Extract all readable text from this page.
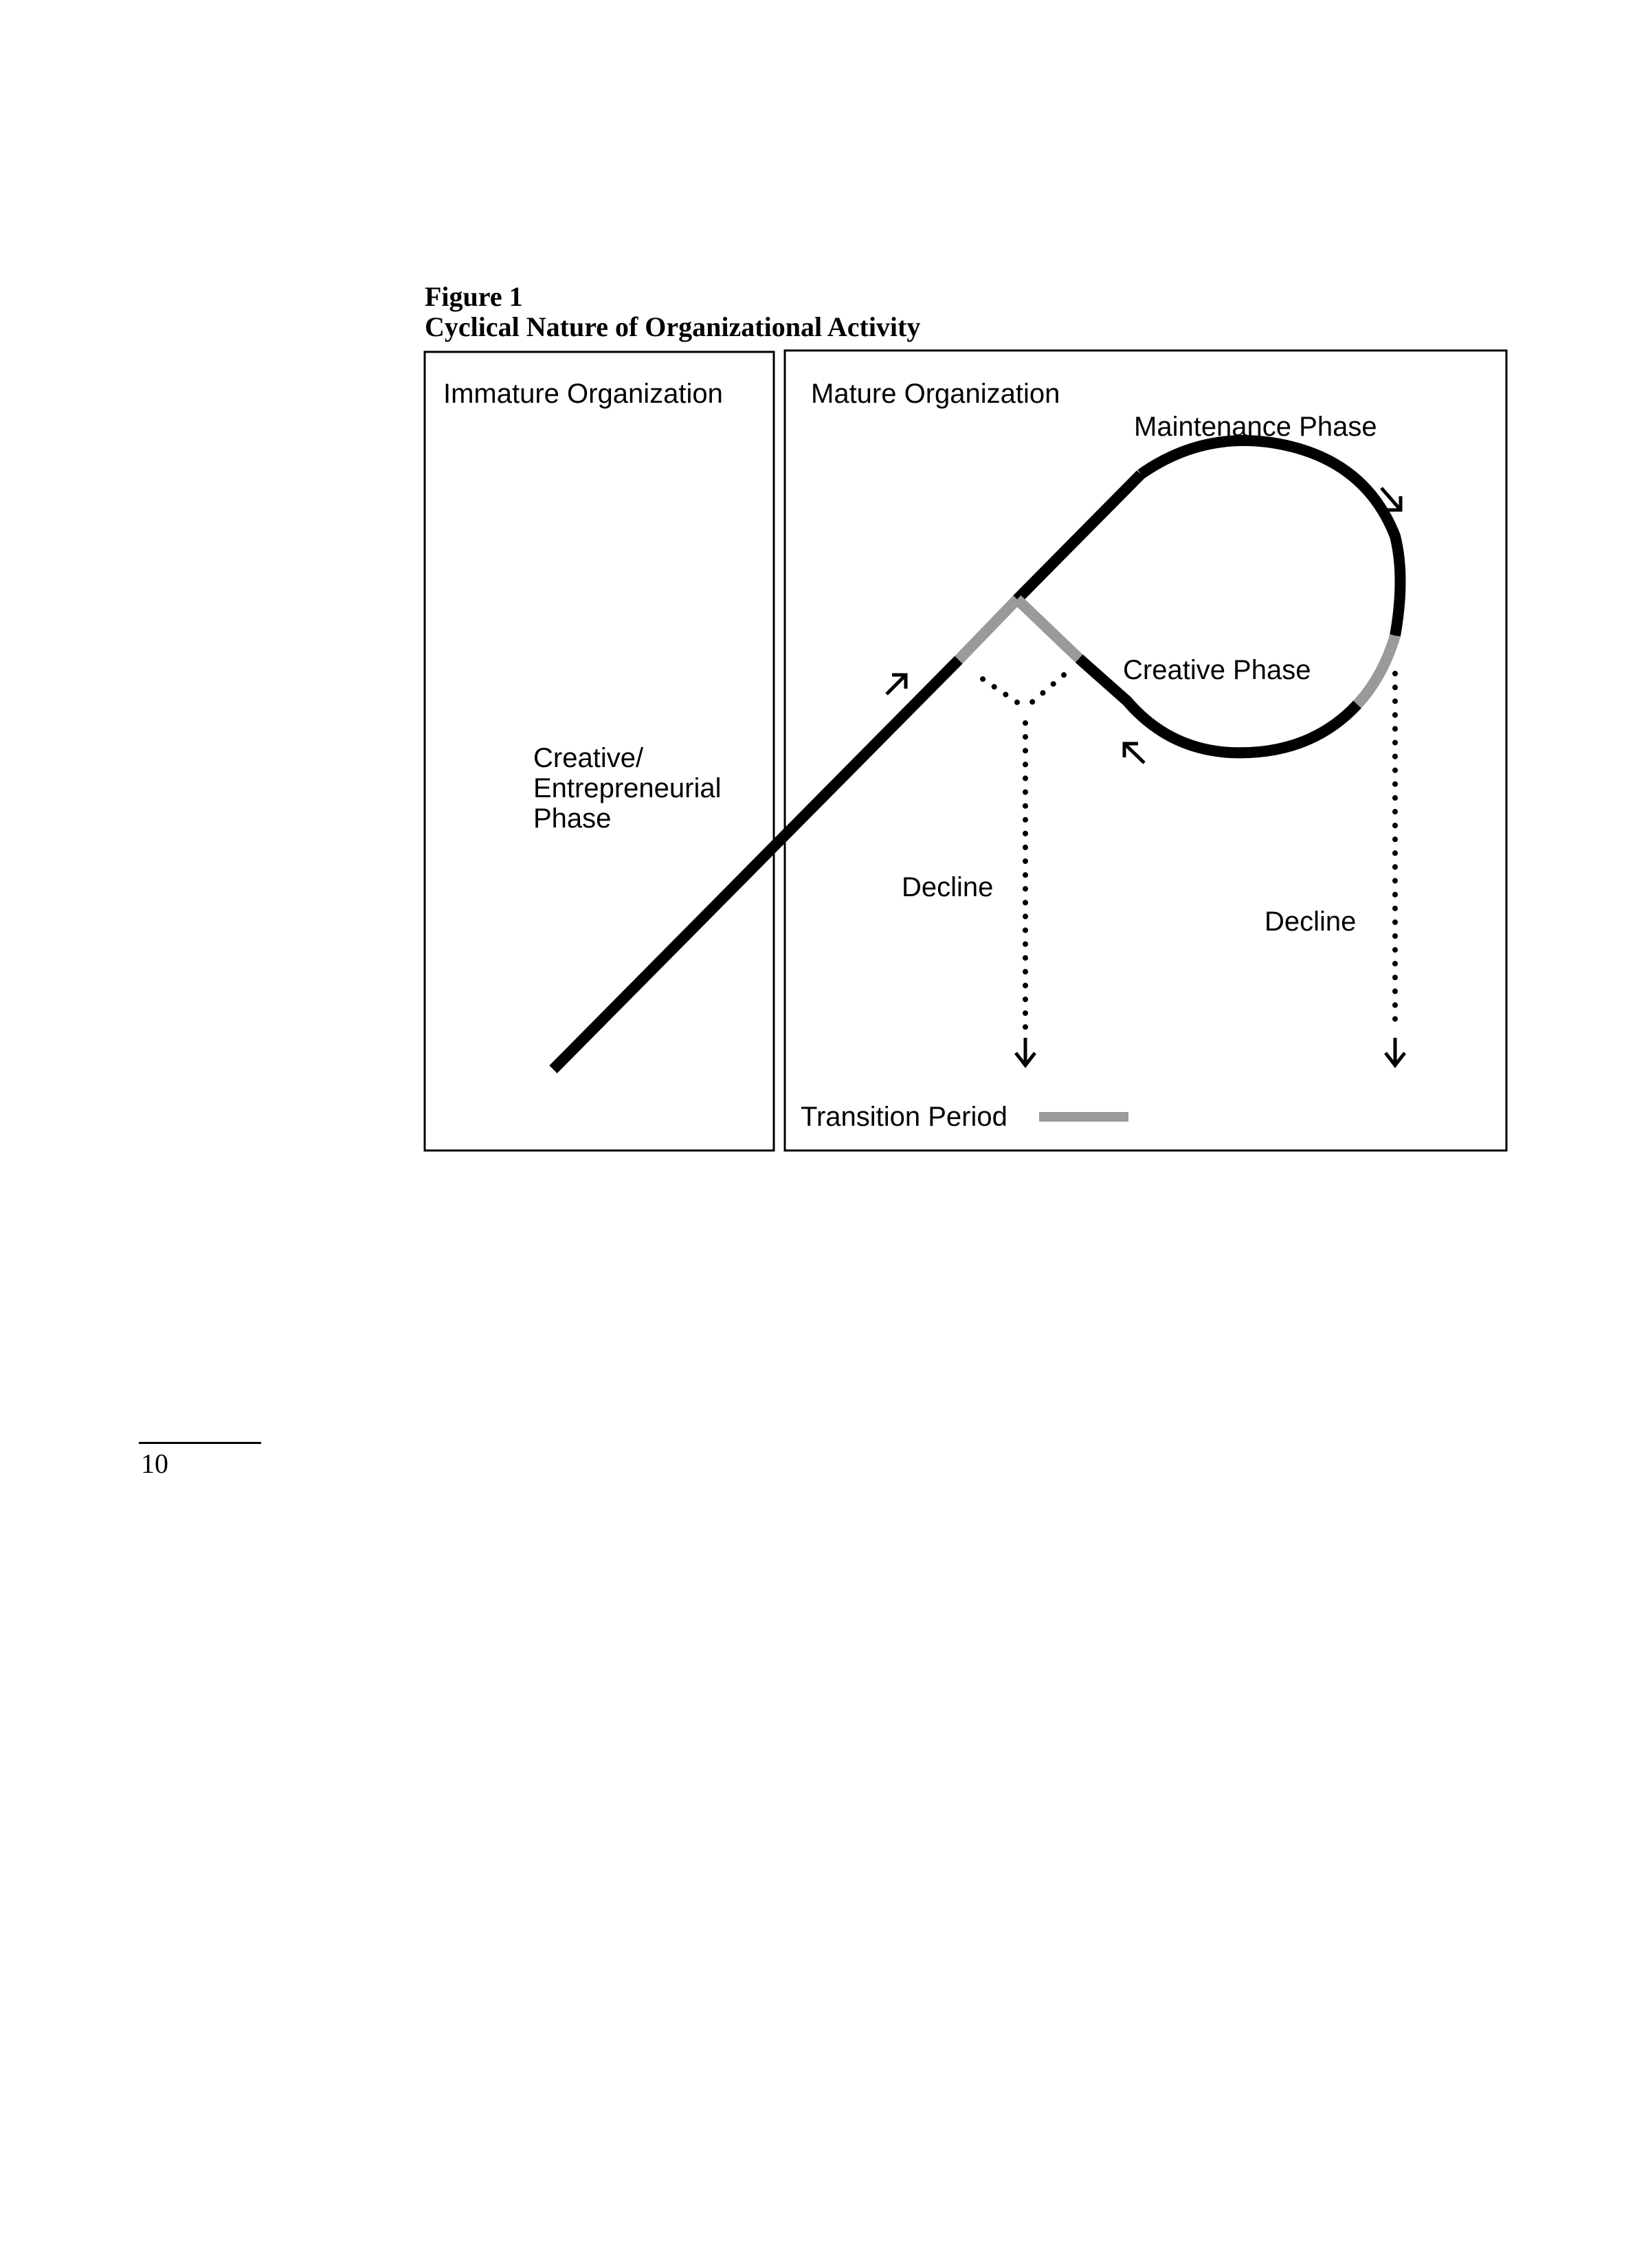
Figure 1
Cyclical Nature of Organizational Activity
Immature Organization	Mature Organization
Creative/
Entrepreneurial
Phase
Maintenance Phase
Creative Phase
Decline
Decline
Transition Period
10
